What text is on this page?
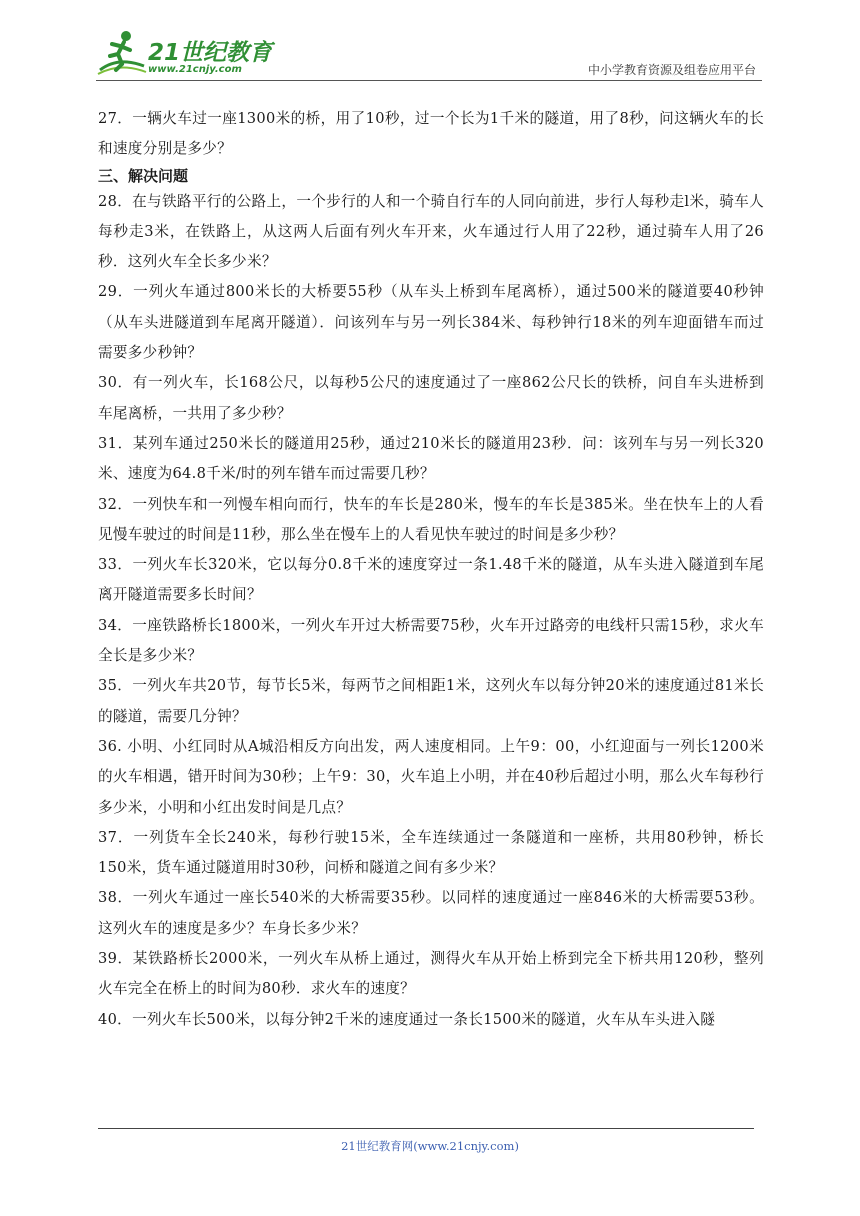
21世纪教育
www.21cnjy.com	中小学教育资源及组卷应用平台

27．一辆火车过一座1300米的桥，用了10秒，过一个长为1千米的隧道，用了8秒，问这辆火车的长和速度分别是多少？

三、解决问题

28．在与铁路平行的公路上，一个步行的人和一个骑自行车的人同向前进，步行人每秒走l米，骑车人每秒走3米，在铁路上，从这两人后面有列火车开来，火车通过行人用了22秒，通过骑车人用了26秒．这列火车全长多少米？

29．一列火车通过800米长的大桥要55秒（从车头上桥到车尾离桥），通过500米的隧道要40秒钟（从车头进隧道到车尾离开隧道）．问该列车与另一列长384米、每秒钟行18米的列车迎面错车而过需要多少秒钟？

30．有一列火车，长168公尺，以每秒5公尺的速度通过了一座862公尺长的铁桥，问自车头进桥到车尾离桥，一共用了多少秒？

31．某列车通过250米长的隧道用25秒，通过210米长的隧道用23秒．问：该列车与另一列长320米、速度为64.8千米/时的列车错车而过需要几秒？

32．一列快车和一列慢车相向而行，快车的车长是280米，慢车的车长是385米。坐在快车上的人看见慢车驶过的时间是11秒，那么坐在慢车上的人看见快车驶过的时间是多少秒？

33．一列火车长320米，它以每分0.8千米的速度穿过一条1.48千米的隧道，从车头进入隧道到车尾离开隧道需要多长时间？

34．一座铁路桥长1800米，一列火车开过大桥需要75秒，火车开过路旁的电线杆只需15秒，求火车全长是多少米？

35．一列火车共20节，每节长5米，每两节之间相距1米，这列火车以每分钟20米的速度通过81米长的隧道，需要几分钟？

36. 小明、小红同时从A城沿相反方向出发，两人速度相同。上午9：00，小红迎面与一列长1200米的火车相遇，错开时间为30秒；上午9：30，火车追上小明，并在40秒后超过小明，那么火车每秒行多少米，小明和小红出发时间是几点？

37．一列货车全长240米，每秒行驶15米，全车连续通过一条隧道和一座桥，共用80秒钟，桥长150米，货车通过隧道用时30秒，问桥和隧道之间有多少米？

38．一列火车通过一座长540米的大桥需要35秒。以同样的速度通过一座846米的大桥需要53秒。这列火车的速度是多少？车身长多少米？

39．某铁路桥长2000米，一列火车从桥上通过，测得火车从开始上桥到完全下桥共用120秒，整列火车完全在桥上的时间为80秒．求火车的速度？

40．一列火车长500米，以每分钟2千米的速度通过一条长1500米的隧道，火车从车头进入隧

21世纪教育网(www.21cnjy.com)
